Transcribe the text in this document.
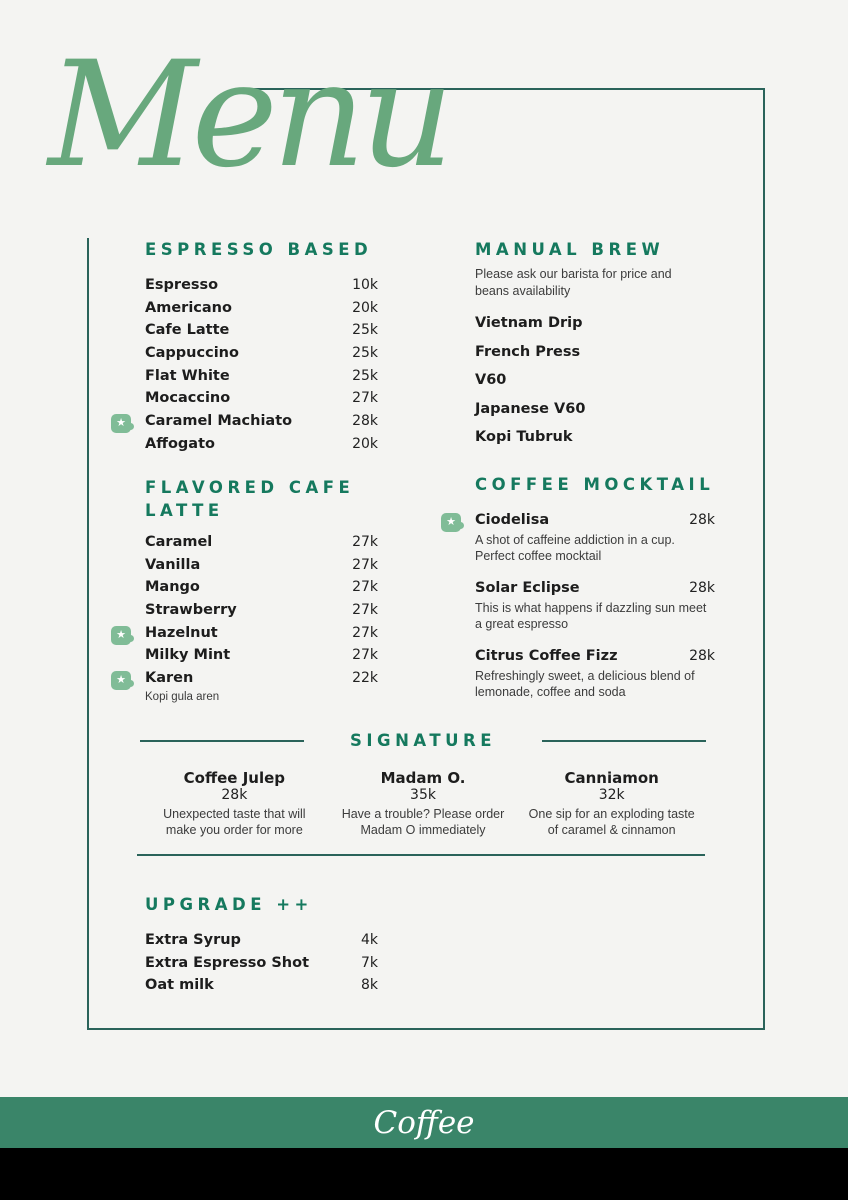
Menu
ESPRESSO BASED
Espresso	10k
Americano	20k
Cafe Latte	25k
Cappuccino	25k
Flat White	25k
Mocaccino	27k
★	Caramel Machiato	28k
Affogato	20k
FLAVORED CAFE
LATTE
Caramel	27k
Vanilla	27k
Mango	27k
Strawberry	27k
★	Hazelnut	27k
Milky Mint	27k
★	Karen	22k
Kopi gula aren
UPGRADE ++
Extra Syrup	4k
Extra Espresso Shot	7k
Oat milk	8k
MANUAL BREW
Please ask our barista for price and beans availability
Vietnam Drip
French Press
V60
Japanese V60
Kopi Tubruk
COFFEE MOCKTAIL
★	Ciodelisa	28k
A shot of caffeine addiction in a cup. Perfect coffee mocktail
Solar Eclipse	28k
This is what happens if dazzling sun meet a great espresso
Citrus Coffee Fizz	28k
Refreshingly sweet, a delicious blend of lemonade, coffee and soda
SIGNATURE
Coffee Julep
28k
Unexpected taste that will make you order for more
Madam O.
35k
Have a trouble? Please order Madam O immediately
Canniamon
32k
One sip for an exploding taste of caramel & cinnamon
Coffee
